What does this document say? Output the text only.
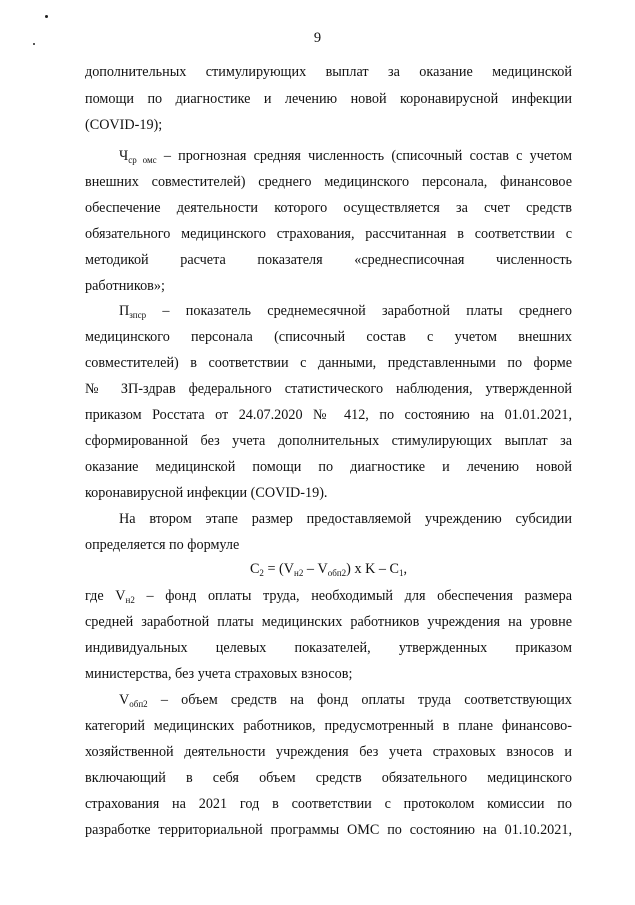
9
дополнительных стимулирующих выплат за оказание медицинской
помощи по диагностике и лечению новой коронавирусной инфекции
(COVID-19);
$Ч_{ср омс}$ – прогнозная средняя численность (списочный состав с учетом
внешних совместителей) среднего медицинского персонала, финансовое
обеспечение деятельности которого осуществляется за счет средств
обязательного медицинского страхования, рассчитанная в соответствии с
методикой расчета показателя «среднесписочная численность
работников»;
$П_{зпср}$ – показатель среднемесячной заработной платы среднего
медицинского персонала (списочный состав с учетом внешних
совместителей) в соответствии с данными, представленными по форме
№ ЗП-здрав федерального статистического наблюдения, утвержденной
приказом Росстата от 24.07.2020 № 412, по состоянию на 01.01.2021,
сформированной без учета дополнительных стимулирующих выплат за
оказание медицинской помощи по диагностике и лечению новой
коронавирусной инфекции (COVID-19).
На втором этапе размер предоставляемой учреждению субсидии
определяется по формуле
$C_2 = (V_{н2} - V_{обп2})$ x K – $C_1$,
где $V_{н2}$ – фонд оплаты труда, необходимый для обеспечения размера
средней заработной платы медицинских работников учреждения на уровне
индивидуальных целевых показателей, утвержденных приказом
министерства, без учета страховых взносов;
$V_{обп2}$ – объем средств на фонд оплаты труда соответствующих
категорий медицинских работников, предусмотренный в плане финансово-
хозяйственной деятельности учреждения без учета страховых взносов и
включающий в себя объем средств обязательного медицинского
страхования на 2021 год в соответствии с протоколом комиссии по
разработке территориальной программы ОМС по состоянию на 01.10.2021,
